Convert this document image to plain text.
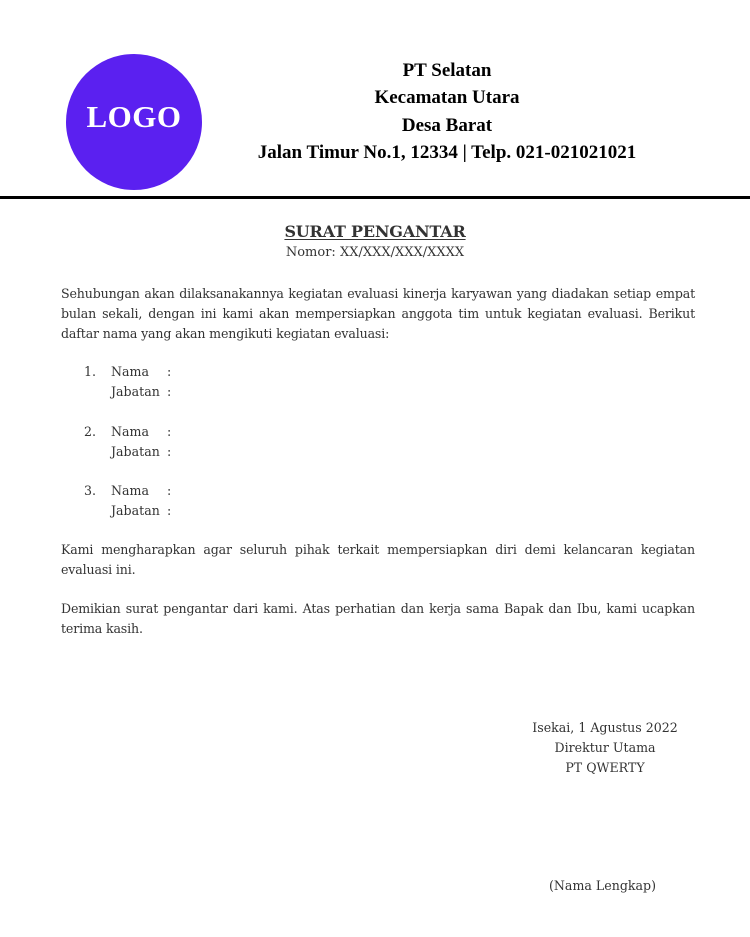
LOGO
PT Selatan
Kecamatan Utara
Desa Barat
Jalan Timur No.1, 12334 | Telp. 021-021021021
SURAT PENGANTAR
Nomor: XX/XXX/XXX/XXXX
Sehubungan akan dilaksanakannya kegiatan evaluasi kinerja karyawan yang diadakan setiap empat bulan sekali, dengan ini kami akan mempersiapkan anggota tim untuk kegiatan evaluasi. Berikut daftar nama yang akan mengikuti kegiatan evaluasi:
1.	Nama	:
Jabatan :
2.	Nama	:
Jabatan :
3.	Nama	:
Jabatan :
Kami mengharapkan agar seluruh pihak terkait mempersiapkan diri demi kelancaran kegiatan evaluasi ini.
Demikian surat pengantar dari kami. Atas perhatian dan kerja sama Bapak dan Ibu, kami ucapkan terima kasih.
Isekai, 1 Agustus 2022
Direktur Utama
PT QWERTY
(Nama Lengkap)
